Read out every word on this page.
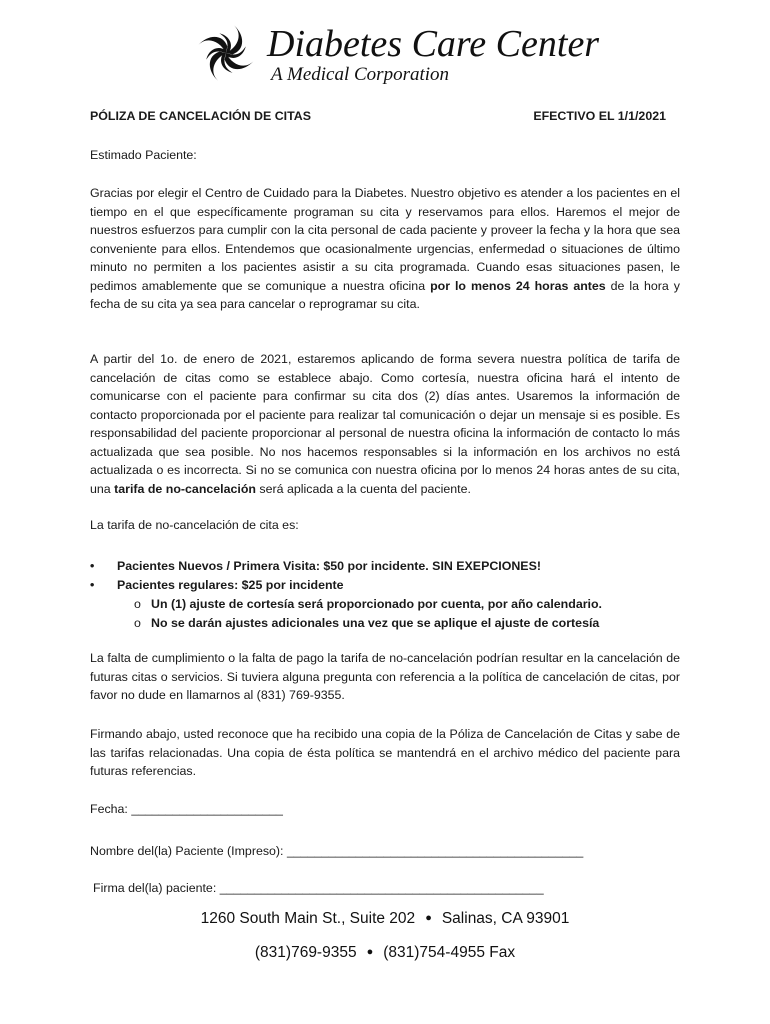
Diabetes Care Center
A Medical Corporation
PÓLIZA DE CANCELACIÓN DE CITAS	EFECTIVO EL 1/1/2021

Estimado Paciente:

Gracias por elegir el Centro de Cuidado para la Diabetes. Nuestro objetivo es atender a los pacientes en el tiempo en el que específicamente programan su cita y reservamos para ellos. Haremos el mejor de nuestros esfuerzos para cumplir con la cita personal de cada paciente y proveer la fecha y la hora que sea conveniente para ellos. Entendemos que ocasionalmente urgencias, enfermedad o situaciones de último minuto no permiten a los pacientes asistir a su cita programada. Cuando esas situaciones pasen, le pedimos amablemente que se comunique a nuestra oficina por lo menos 24 horas antes de la hora y fecha de su cita ya sea para cancelar o reprogramar su cita.

A partir del 1o. de enero de 2021, estaremos aplicando de forma severa nuestra política de tarifa de cancelación de citas como se establece abajo. Como cortesía, nuestra oficina hará el intento de comunicarse con el paciente para confirmar su cita dos (2) días antes. Usaremos la información de contacto proporcionada por el paciente para realizar tal comunicación o dejar un mensaje si es posible. Es responsabilidad del paciente proporcionar al personal de nuestra oficina la información de contacto lo más actualizada que sea posible. No nos hacemos responsables si la información en los archivos no está actualizada o es incorrecta. Si no se comunica con nuestra oficina por lo menos 24 horas antes de su cita, una tarifa de no-cancelación será aplicada a la cuenta del paciente.

La tarifa de no-cancelación de cita es:

• Pacientes Nuevos / Primera Visita: $50 por incidente. SIN EXEPCIONES!
• Pacientes regulares: $25 por incidente
o Un (1) ajuste de cortesía será proporcionado por cuenta, por año calendario.
o No se darán ajustes adicionales una vez que se aplique el ajuste de cortesía

La falta de cumplimiento o la falta de pago la tarifa de no-cancelación podrían resultar en la cancelación de futuras citas o servicios. Si tuviera alguna pregunta con referencia a la política de cancelación de citas, por favor no dude en llamarnos al (831) 769-9355.

Firmando abajo, usted reconoce que ha recibido una copia de la Póliza de Cancelación de Citas y sabe de las tarifas relacionadas. Una copia de ésta política se mantendrá en el archivo médico del paciente para futuras referencias.

Fecha: ______________________

Nombre del(la) Paciente (Impreso): ___________________________________________

Firma del(la) paciente: _______________________________________________

1260 South Main St., Suite 202 ● Salinas, CA 93901
(831)769-9355 ● (831)754-4955 Fax
